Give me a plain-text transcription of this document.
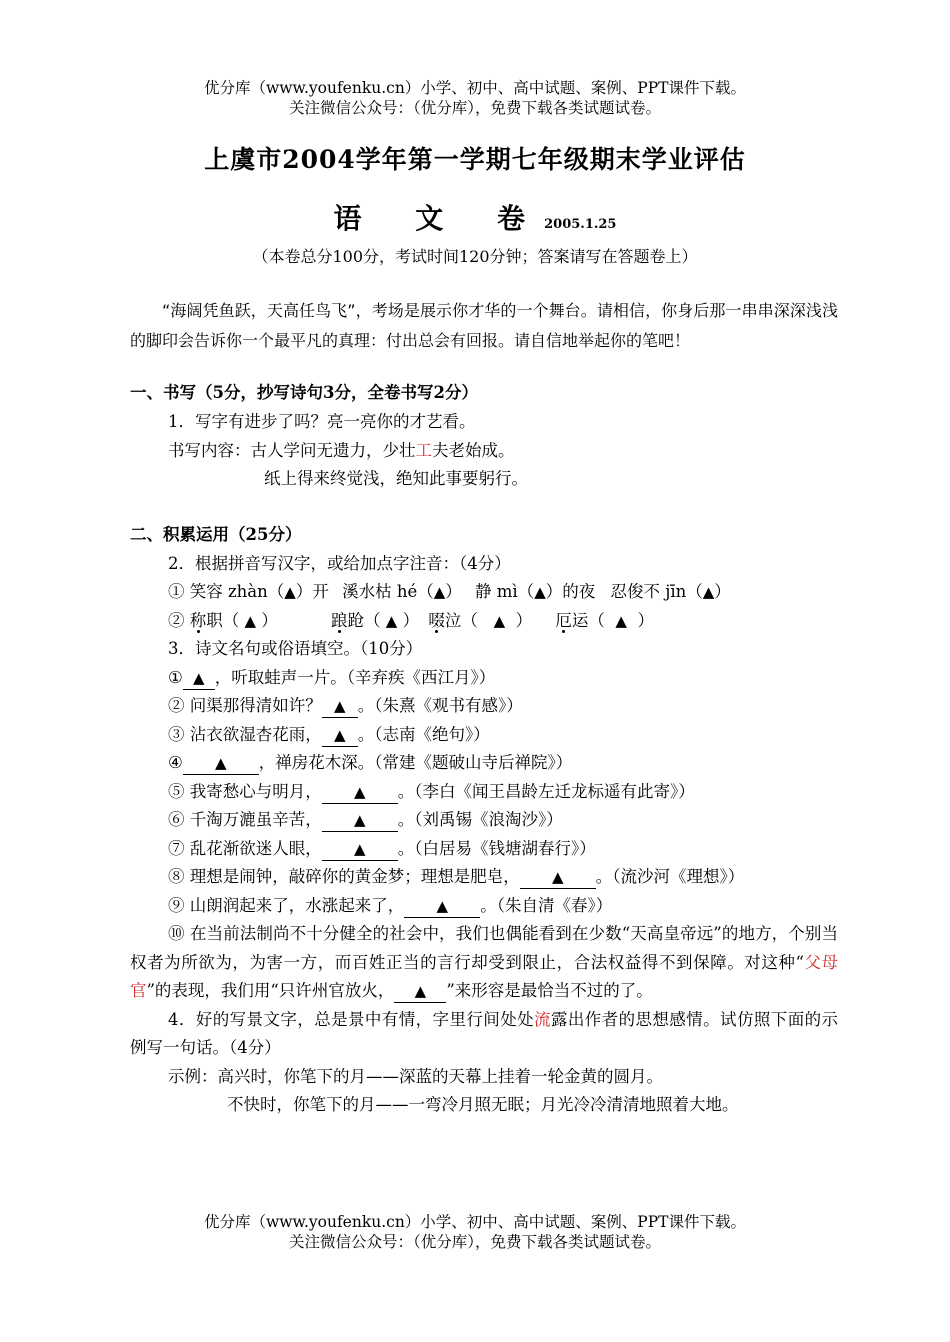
优分库（www.youfenku.cn）小学、初中、高中试题、案例、PPT课件下载。
关注微信公众号：（优分库），免费下载各类试题试卷。
上虞市2004学年第一学期七年级期末学业评估
语 文 卷 2005.1.25
（本卷总分100分，考试时间120分钟；答案请写在答题卷上）
“海阔凭鱼跃，天高任鸟飞”，考场是展示你才华的一个舞台。请相信，你身后那一串串深深浅浅的脚印会告诉你一个最平凡的真理：付出总会有回报。请自信地举起你的笔吧！
一、书写（5分，抄写诗句3分，全卷书写2分）
1．写字有进步了吗？亮一亮你的才艺看。
书写内容：古人学问无遗力，少壮工夫老始成。
纸上得来终觉浅，绝知此事要躬行。
二、积累运用（25分）
2．根据拼音写汉字，或给加点字注音：（4分）
① 笑容 zhàn（▲）开 溪水枯 hé（▲） 静 mì（▲）的夜 忍俊不 jīn（▲）
② 称职（ ▲ ）	踉跄（ ▲ ） 啜泣（ ▲ ） 厄运（ ▲ ）
3．诗文名句或俗语填空。（10分）
① ▲ ，听取蛙声一片。（辛弃疾《西江月》）
② 问渠那得清如许？ ▲ 。（朱熹《观书有感》）
③ 沾衣欲湿杏花雨， ▲ 。（志南《绝句》）
④ ▲ ，禅房花木深。（常建《题破山寺后禅院》）
⑤ 我寄愁心与明月， ▲ 。（李白《闻王昌龄左迁龙标遥有此寄》）
⑥ 千淘万漉虽辛苦， ▲ 。（刘禹锡《浪淘沙》）
⑦ 乱花渐欲迷人眼， ▲ 。（白居易《钱塘湖春行》）
⑧ 理想是闹钟，敲碎你的黄金梦；理想是肥皂， ▲ 。（流沙河《理想》）
⑨ 山朗润起来了，水涨起来了， ▲ 。（朱自清《春》）
⑩ 在当前法制尚不十分健全的社会中，我们也偶能看到在少数“天高皇帝远”的地方，个别当权者为所欲为，为害一方，而百姓正当的言行却受到限止，合法权益得不到保障。对这种“父母官”的表现，我们用“只许州官放火， ▲ ”来形容是最恰当不过的了。
4．好的写景文字，总是景中有情，字里行间处处流露出作者的思想感情。试仿照下面的示例写一句话。（4分）
示例：高兴时，你笔下的月——深蓝的天幕上挂着一轮金黄的圆月。
不快时，你笔下的月——一弯冷月照无眠；月光冷冷清清地照着大地。
优分库（www.youfenku.cn）小学、初中、高中试题、案例、PPT课件下载。
关注微信公众号：（优分库），免费下载各类试题试卷。
